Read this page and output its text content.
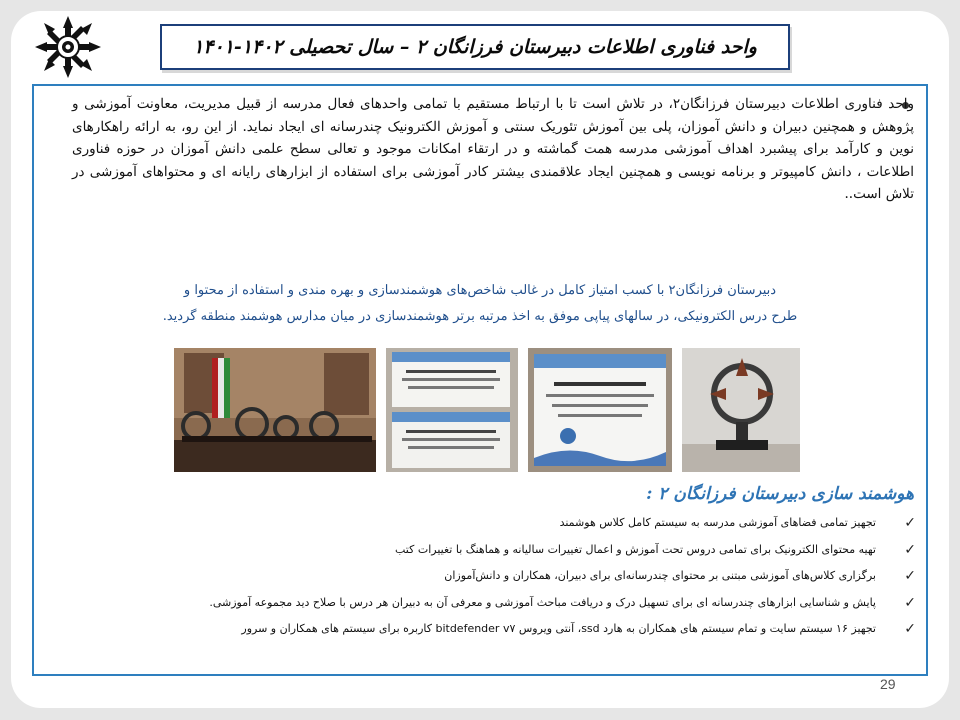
واحد فناوری اطلاعات دبیرستان فرزانگان ۲ – سال تحصیلی ۱۴۰۲-۱۴۰۱
واحد فناوری اطلاعات دبیرستان فرزانگان۲، در تلاش است تا با ارتباط مستقیم با تمامی واحدهای فعال مدرسه از قبیل مدیریت، معاونت آموزشی و پژوهش و همچنین دبیران و دانش آموزان، پلی بین آموزش تئوریک سنتی و آموزش الکترونیک چندرسانه ای ایجاد نماید. از این رو، به ارائه راهکارهای نوین و کارآمد برای پیشبرد اهداف آموزشی مدرسه همت گماشته و در ارتقاء امکانات موجود و تعالی سطح علمی دانش آموزان در حوزه فناوری اطلاعات ، دانش کامپیوتر و برنامه نویسی و همچنین ایجاد علاقمندی بیشتر کادر آموزشی برای استفاده از ابزارهای رایانه ای و محتواهای آموزشی در تلاش است..
دبیرستان فرزانگان۲ با کسب امتیاز کامل در غالب شاخص‌های هوشمندسازی و بهره مندی و استفاده از محتوا و
طرح درس الکترونیکی، در سالهای پیاپی موفق به اخذ مرتبه برتر هوشمندسازی در میان مدارس هوشمند منطقه گردید.
هوشمند سازی دبیرستان فرزانگان ۲ :
✓
تجهیز تمامی فضاهای آموزشی مدرسه به سیستم کامل کلاس هوشمند
✓
تهیه محتوای الکترونیک برای تمامی دروس تحت آموزش و اعمال تغییرات سالیانه و هماهنگ با تغییرات کتب
✓
برگزاری کلاس‌های آموزشی مبتنی بر محتوای چندرسانه‌ای برای دبیران، همکاران و دانش‌آموزان
✓
پایش و شناسایی ابزارهای چندرسانه ای برای تسهیل درک و دریافت مباحث آموزشی و معرفی آن به دبیران هر درس با صلاح دید مجموعه آموزشی.
✓
تجهیز ۱۶ سیستم سایت و تمام سیستم های همکاران به هارد ssd، آنتی ویروس bitdefender v۷ کاربره برای سیستم های همکاران و سرور
29
